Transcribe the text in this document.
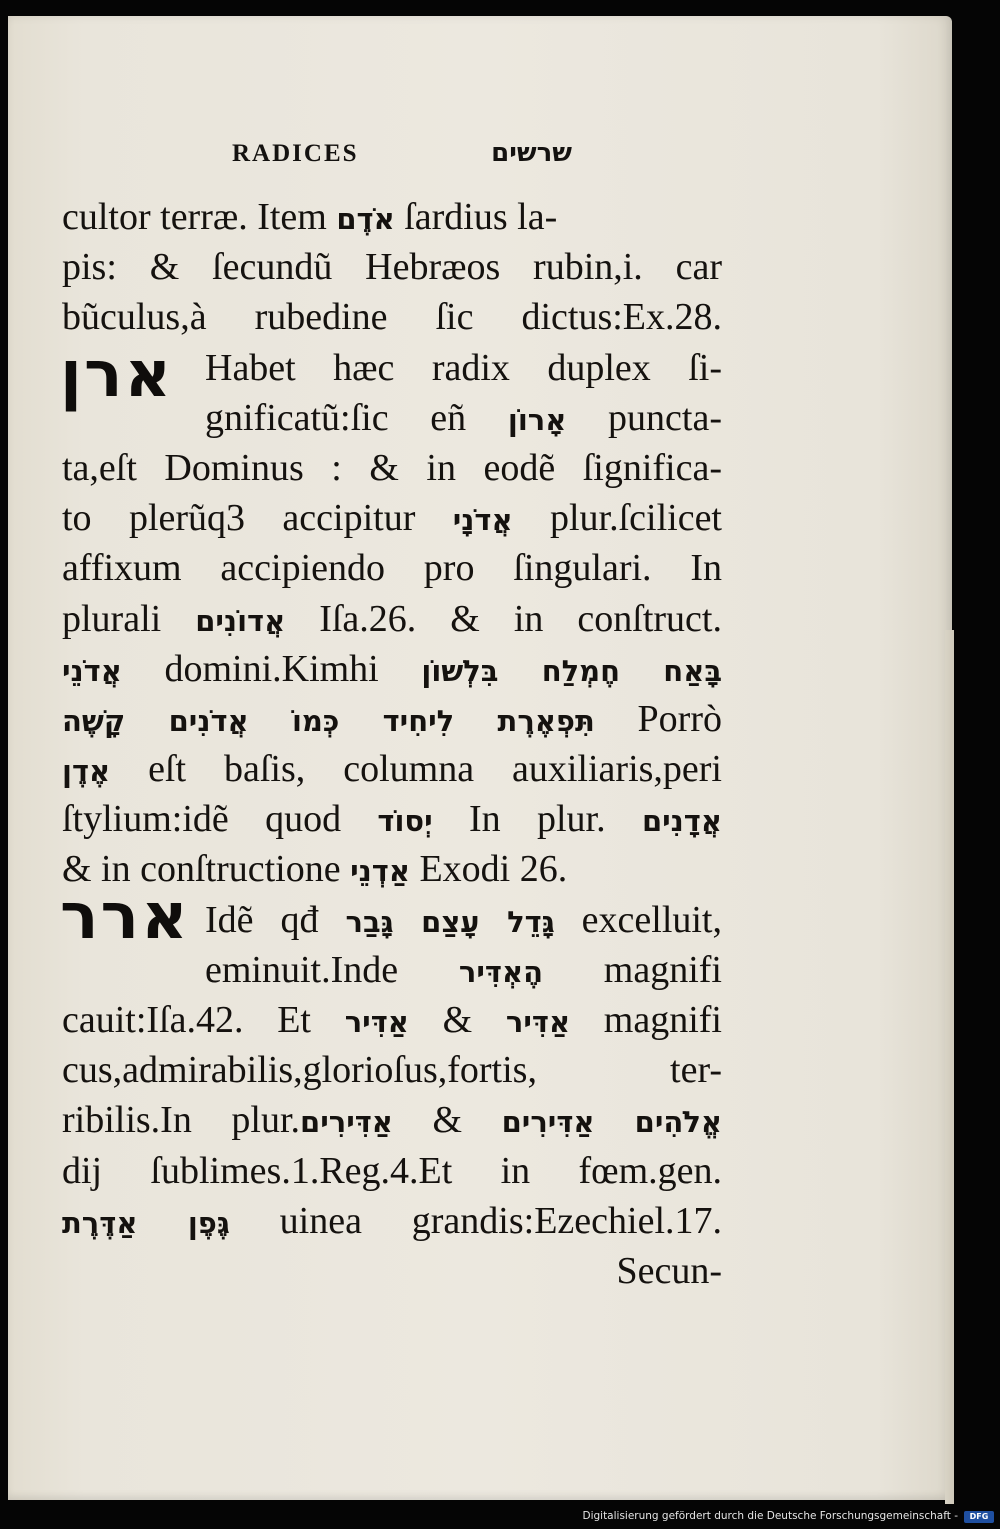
RADICES	שרשים
ארן
ארר
cultor terræ. Item אֹדֶם ſardius la-
pis: & ſecundũ Hebræos rubin,i. car
bũculus,à rubedine ſic dictus:Ex.28.
Habet hæc radix duplex ſi-
gnificatũ:ſic eñ אָרוֹן puncta-
ta,eſt Dominus : & in eodẽ ſignifica-
to plerũq3 accipitur אֲדֹנָי plur.ſcilicet
affixum accipiendo pro ſingulari. In
plurali אֲדוֹנִים Iſa.26. & in conſtruct.
אֲדֹנֵי domini.Kimhi בָּאַח חֶמְלַח בִּלְשׁוֹן
תִּפְאֶרֶת לִיחִיד כְּמוֹ אֲדֹנִים קָשֶׁה Porrò
אֶדֶן eſt baſis, columna auxiliaris,peri
ſtylium:idẽ quod יְסוֹד In plur. אֲדָנִים
& in conſtructione אַדְנֵי Exodi 26.
Idẽ qđ גָּדֵל עָצַם גָּבַר excelluit,
eminuit.Inde הֶאְדִּיר magnifi
cauit:Iſa.42. Et אַדִּיר & אַדִּיר magnifi
cus,admirabilis,glorioſus,fortis, ter-
ribilis.In plur.אַדִּירִים & אֱלֹהִים אַדִּירִים
dij ſublimes.1.Reg.4.Et in fœm.gen.
גֶּפֶן אַדֶּרֶת uinea grandis:Ezechiel.17.
Secun-
Digitalisierung gefördert durch die Deutsche Forschungsgemeinschaft -	DFG
